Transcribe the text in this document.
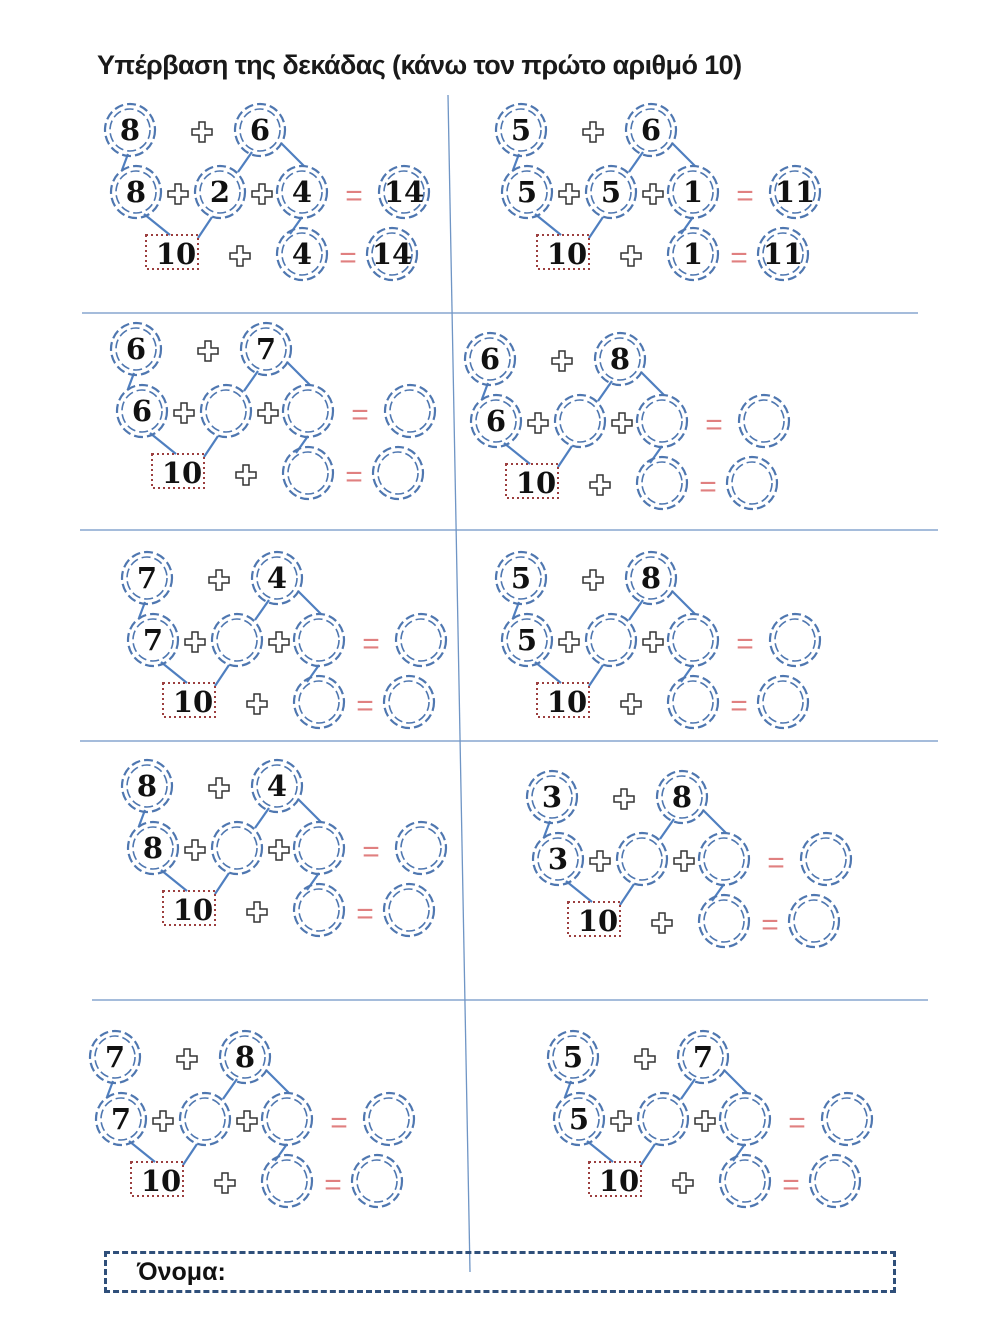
Υπέρβαση της δεκάδας (κάνω τον πρώτο αριθμό 10)
8	6
8 2 4 = 14
10	4 = 14
5	6
5 5 1 = 11
10	1 = 11
6	7
6	=
10	=
6	8
6	=
10	=
7	4
7	=
10	=
5	8
5	=
10	=
8	4
8	=
10	=
3	8
3	=
10	=
7	8
7	=
10	=
5	7
5	=
10	=
Όνομα:
